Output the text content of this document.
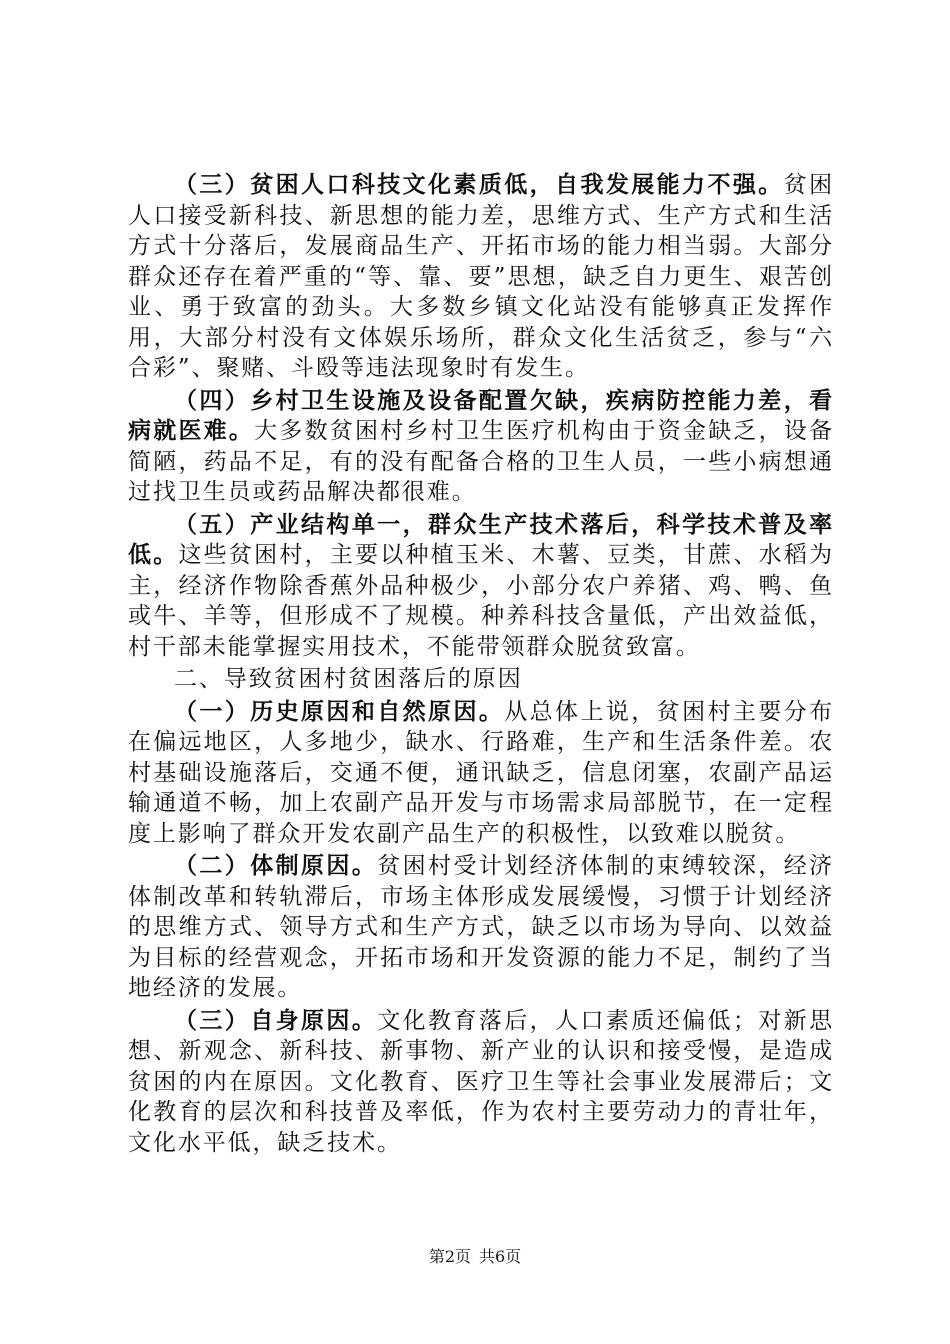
（三）贫困人口科技文化素质低，自我发展能力不强。贫困人口接受新科技、新思想的能力差，思维方式、生产方式和生活方式十分落后，发展商品生产、开拓市场的能力相当弱。大部分群众还存在着严重的“等、靠、要”思想，缺乏自力更生、艰苦创业、勇于致富的劲头。大多数乡镇文化站没有能够真正发挥作用，大部分村没有文体娱乐场所，群众文化生活贫乏，参与“六合彩”、聚赌、斗殴等违法现象时有发生。

（四）乡村卫生设施及设备配置欠缺，疾病防控能力差，看病就医难。大多数贫困村乡村卫生医疗机构由于资金缺乏，设备简陋，药品不足，有的没有配备合格的卫生人员，一些小病想通过找卫生员或药品解决都很难。

（五）产业结构单一，群众生产技术落后，科学技术普及率低。这些贫困村，主要以种植玉米、木薯、豆类，甘蔗、水稻为主，经济作物除香蕉外品种极少，小部分农户养猪、鸡、鸭、鱼或牛、羊等，但形成不了规模。种养科技含量低，产出效益低，村干部未能掌握实用技术，不能带领群众脱贫致富。

二、导致贫困村贫困落后的原因

（一）历史原因和自然原因。从总体上说，贫困村主要分布在偏远地区，人多地少，缺水、行路难，生产和生活条件差。农村基础设施落后，交通不便，通讯缺乏，信息闭塞，农副产品运输通道不畅，加上农副产品开发与市场需求局部脱节，在一定程度上影响了群众开发农副产品生产的积极性，以致难以脱贫。

（二）体制原因。贫困村受计划经济体制的束缚较深，经济体制改革和转轨滞后，市场主体形成发展缓慢，习惯于计划经济的思维方式、领导方式和生产方式，缺乏以市场为导向、以效益为目标的经营观念，开拓市场和开发资源的能力不足，制约了当地经济的发展。

（三）自身原因。文化教育落后，人口素质还偏低；对新思想、新观念、新科技、新事物、新产业的认识和接受慢，是造成贫困的内在原因。文化教育、医疗卫生等社会事业发展滞后；文化教育的层次和科技普及率低，作为农村主要劳动力的青壮年，文化水平低，缺乏技术。

第2页 共6页
